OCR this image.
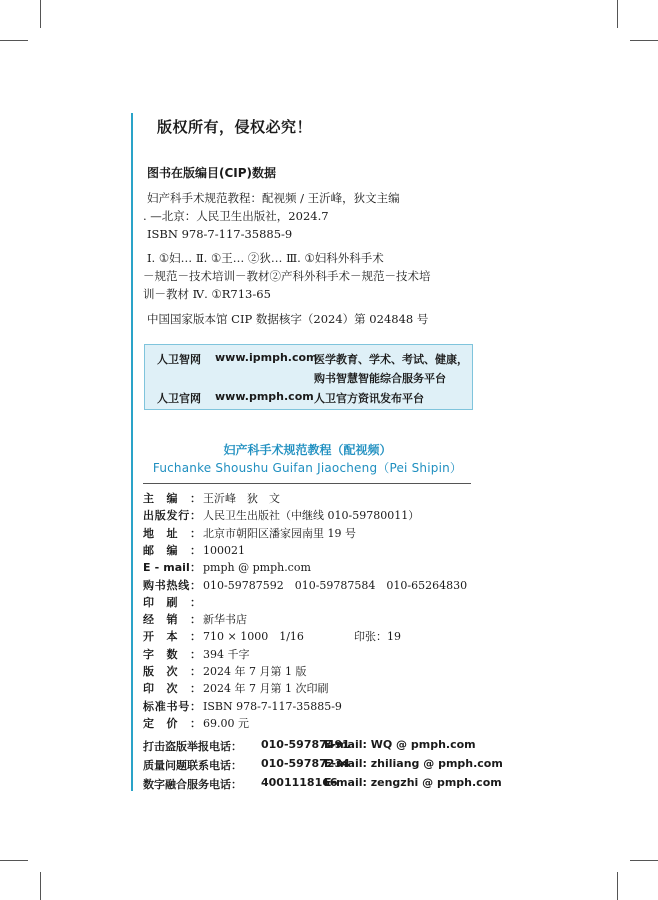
版权所有，侵权必究！
图书在版编目(CIP)数据
妇产科手术规范教程：配视频 / 王沂峰，狄文主编
. —北京：人民卫生出版社，2024.7
ISBN 978-7-117-35885-9
Ⅰ. ①妇… Ⅱ. ①王… ②狄… Ⅲ. ①妇科外科手术
－规范－技术培训－教材②产科外科手术－规范－技术培
训－教材 Ⅳ. ①R713-65
中国国家版本馆 CIP 数据核字（2024）第 024848 号
人卫智网 www.ipmph.com
医学教育、学术、考试、健康，
购书智慧智能综合服务平台
人卫官网 www.pmph.com 人卫官方资讯发布平台
妇产科手术规范教程（配视频）
Fuchanke Shoushu Guifan Jiaocheng（Pei Shipin）
主编： 王沂峰　狄　文
出版发行： 人民卫生出版社（中继线 010-59780011）
地址： 北京市朝阳区潘家园南里 19 号
邮编： 100021
E - mail： pmph @ pmph.com
购书热线： 010-59787592　010-59787584　010-65264830
印刷：
经销： 新华书店
开本： 710 × 1000　1/16	印张：19
字数： 394 千字
版次： 2024 年 7 月第 1 版
印次： 2024 年 7 月第 1 次印刷
标准书号： ISBN 978-7-117-35885-9
定价： 69.00 元
打击盗版举报电话： 010-59787491
E-mail: WQ @ pmph.com
质量问题联系电话： 010-59787234
E-mail: zhiliang @ pmph.com
数字融合服务电话： 4001118166
E-mail: zengzhi @ pmph.com
